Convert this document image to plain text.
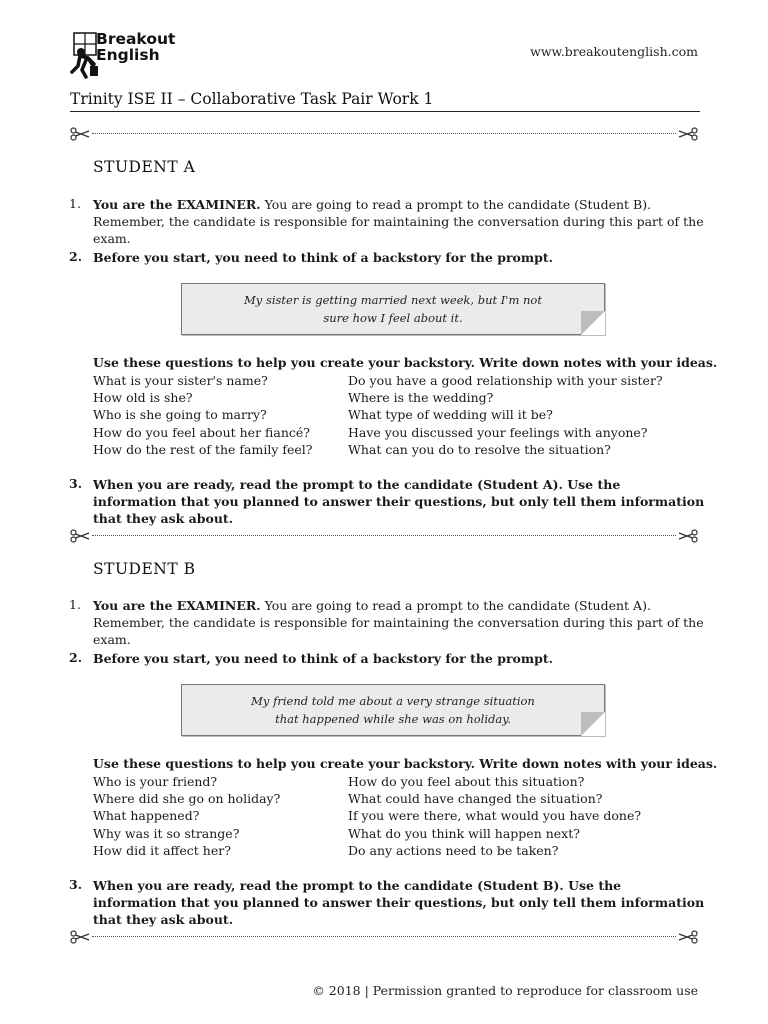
Breakout
English	www.breakoutenglish.com
Trinity ISE II – Collaborative Task Pair Work 1
STUDENT A
1. You are the EXAMINER. You are going to read a prompt to the candidate (Student B). Remember, the candidate is responsible for maintaining the conversation during this part of the exam.
2. Before you start, you need to think of a backstory for the prompt.
My sister is getting married next week, but I'm not
sure how I feel about it.
Use these questions to help you create your backstory. Write down notes with your ideas.
What is your sister's name?
How old is she?
Who is she going to marry?
How do you feel about her fiancé?
How do the rest of the family feel?
Do you have a good relationship with your sister?
Where is the wedding?
What type of wedding will it be?
Have you discussed your feelings with anyone?
What can you do to resolve the situation?
3. When you are ready, read the prompt to the candidate (Student A). Use the information that you planned to answer their questions, but only tell them information that they ask about.
STUDENT B
1. You are the EXAMINER. You are going to read a prompt to the candidate (Student A). Remember, the candidate is responsible for maintaining the conversation during this part of the exam.
2. Before you start, you need to think of a backstory for the prompt.
My friend told me about a very strange situation
that happened while she was on holiday.
Use these questions to help you create your backstory. Write down notes with your ideas.
Who is your friend?
Where did she go on holiday?
What happened?
Why was it so strange?
How did it affect her?
How do you feel about this situation?
What could have changed the situation?
If you were there, what would you have done?
What do you think will happen next?
Do any actions need to be taken?
3. When you are ready, read the prompt to the candidate (Student B). Use the information that you planned to answer their questions, but only tell them information that they ask about.
© 2018 | Permission granted to reproduce for classroom use
